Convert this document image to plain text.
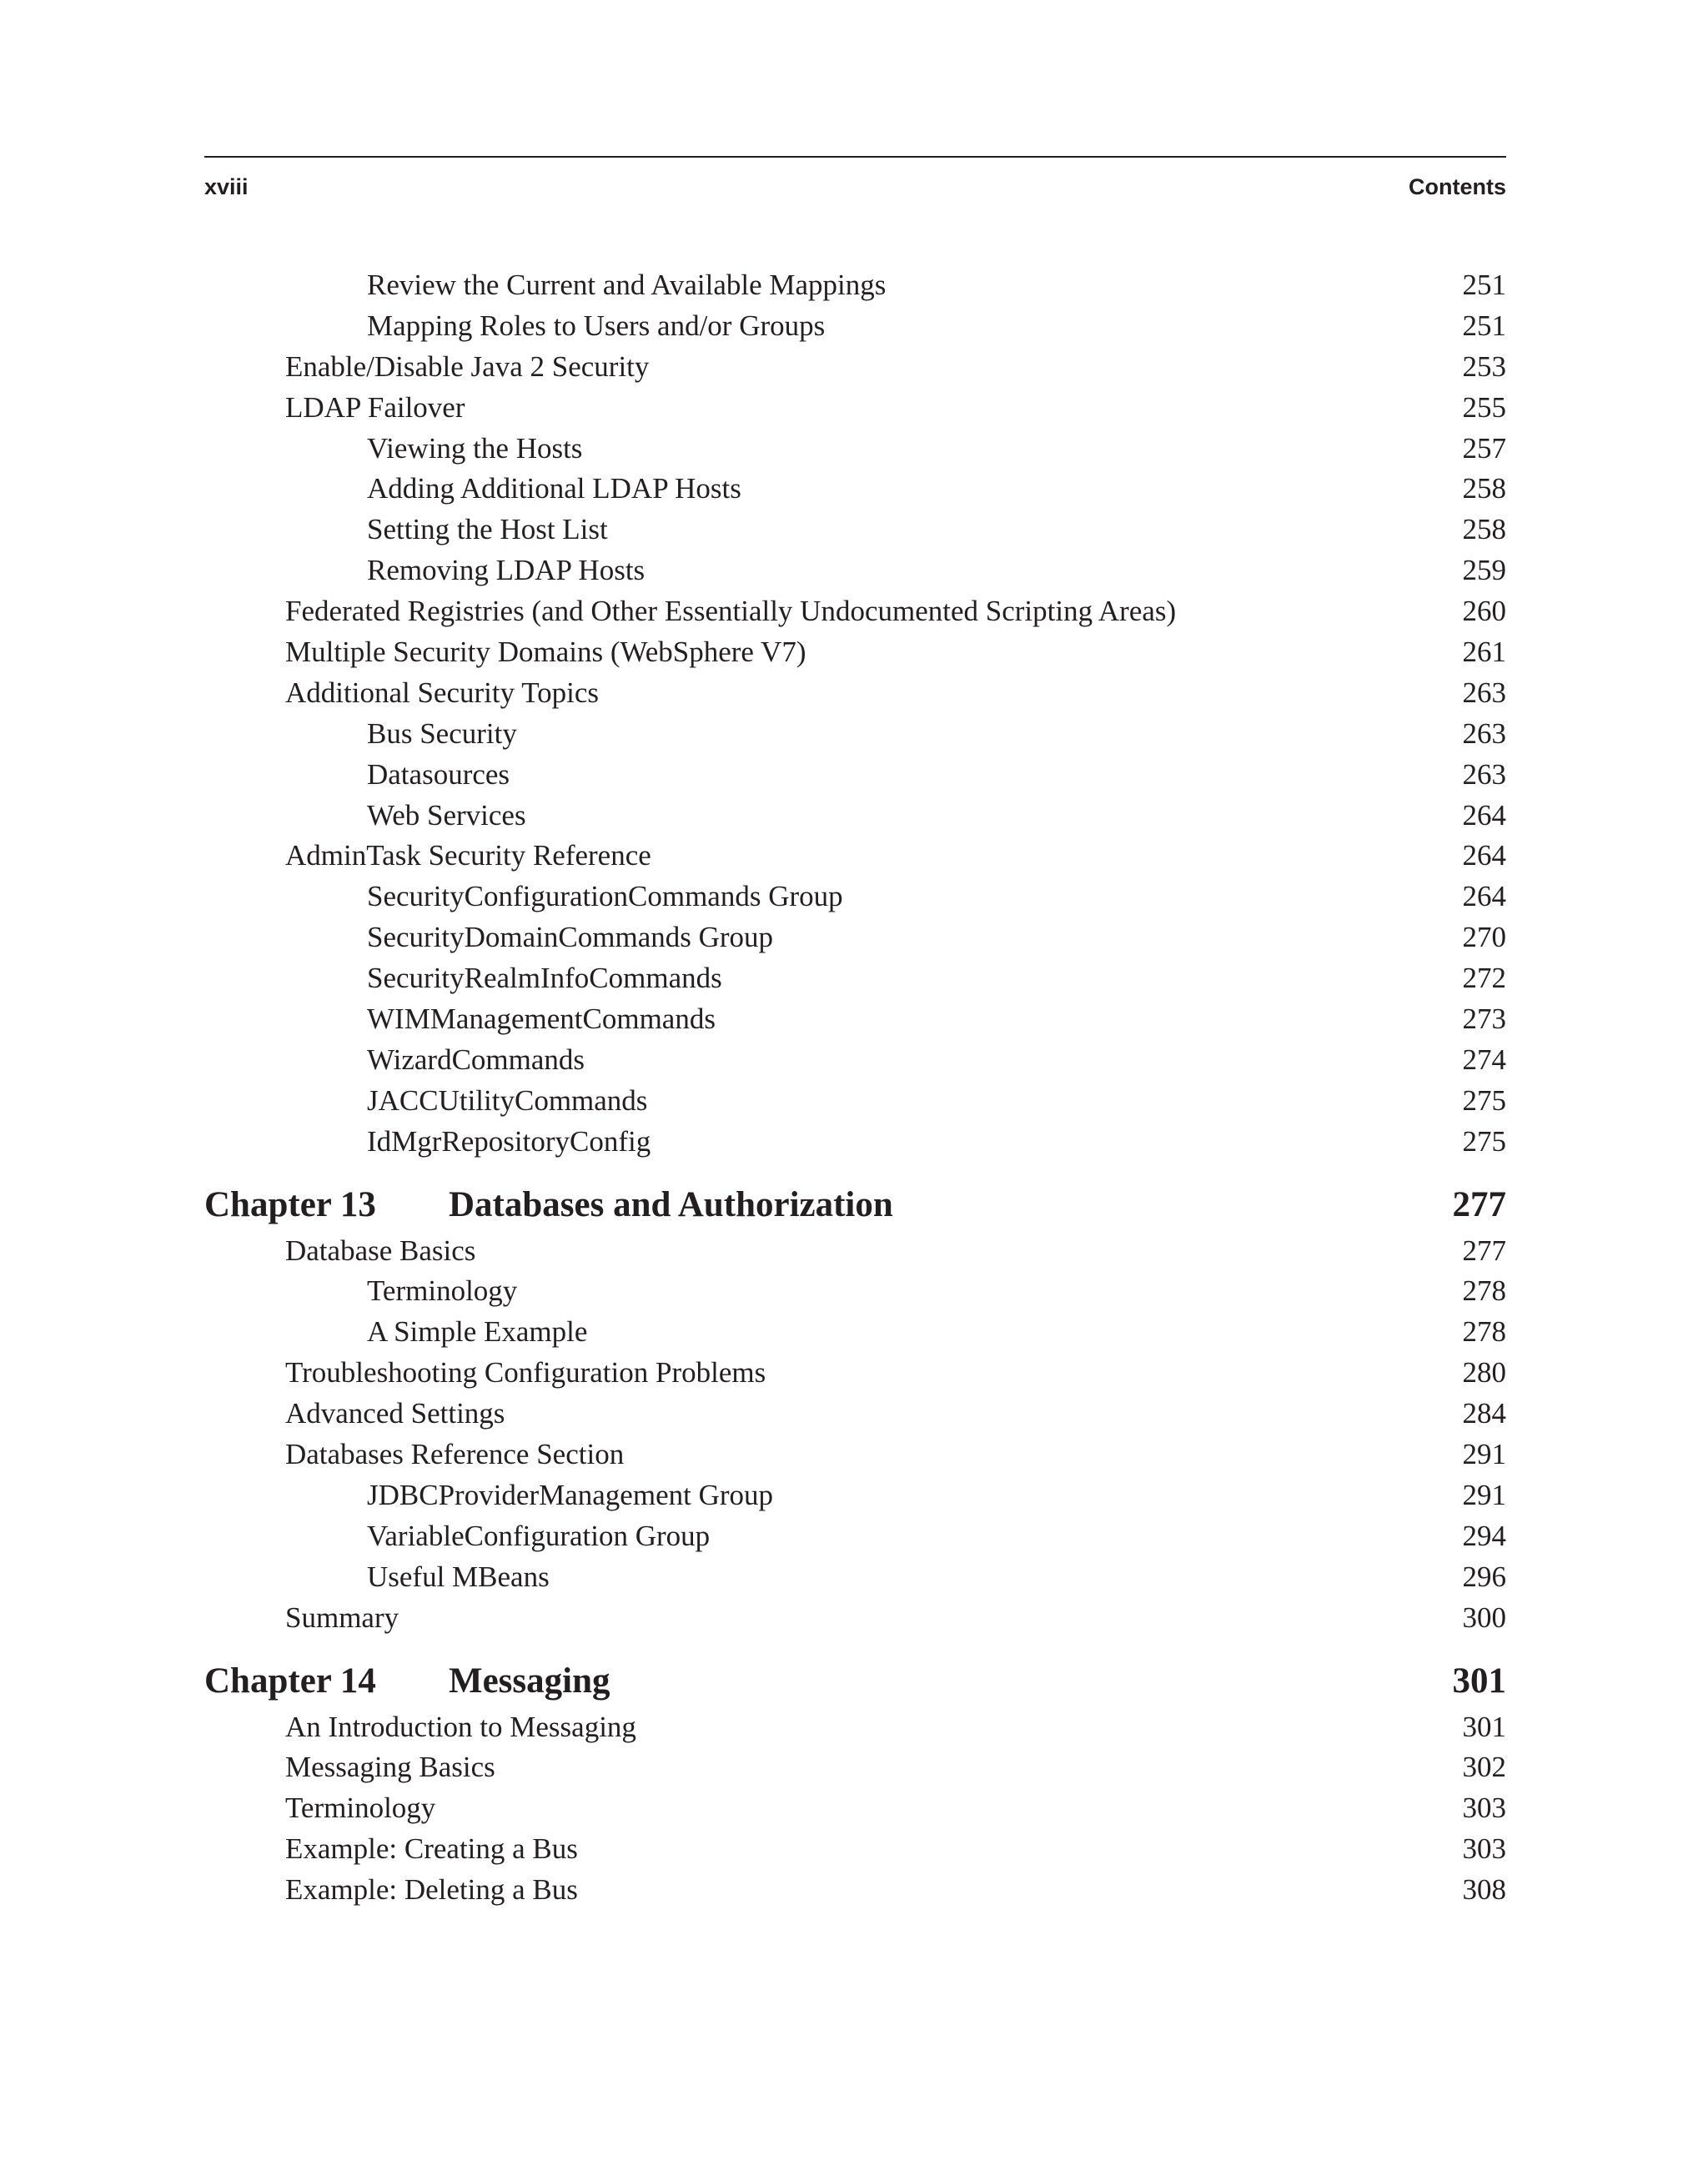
xviii	Contents
Review the Current and Available Mappings	251
Mapping Roles to Users and/or Groups	251
Enable/Disable Java 2 Security	253
LDAP Failover	255
Viewing the Hosts	257
Adding Additional LDAP Hosts	258
Setting the Host List	258
Removing LDAP Hosts	259
Federated Registries (and Other Essentially Undocumented Scripting Areas)	260
Multiple Security Domains (WebSphere V7)	261
Additional Security Topics	263
Bus Security	263
Datasources	263
Web Services	264
AdminTask Security Reference	264
SecurityConfigurationCommands Group	264
SecurityDomainCommands Group	270
SecurityRealmInfoCommands	272
WIMManagementCommands	273
WizardCommands	274
JACCUtilityCommands	275
IdMgrRepositoryConfig	275
Chapter 13 Databases and Authorization	277
Database Basics	277
Terminology	278
A Simple Example	278
Troubleshooting Configuration Problems	280
Advanced Settings	284
Databases Reference Section	291
JDBCProviderManagement Group	291
VariableConfiguration Group	294
Useful MBeans	296
Summary	300
Chapter 14 Messaging	301
An Introduction to Messaging	301
Messaging Basics	302
Terminology	303
Example: Creating a Bus	303
Example: Deleting a Bus	308
